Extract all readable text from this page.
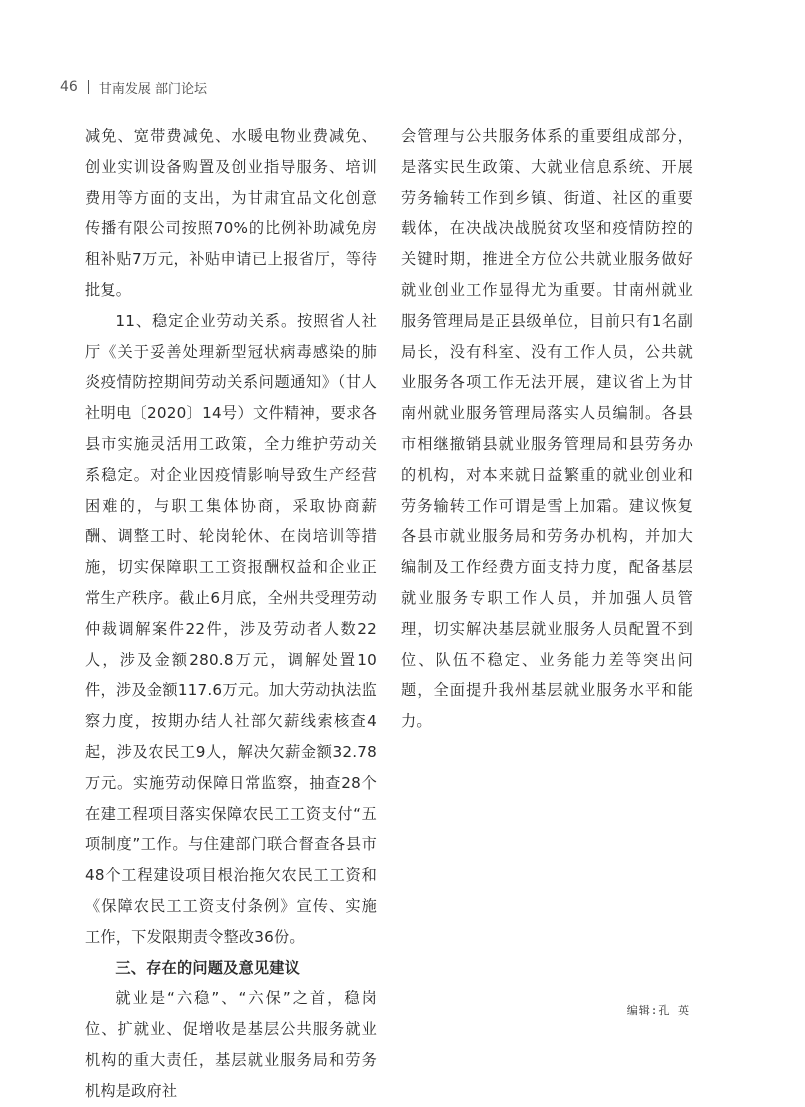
46 甘南发展 部门论坛

减免、宽带费减免、水暖电物业费减免、创业实训设备购置及创业指导服务、培训费用等方面的支出，为甘肃宜品文化创意传播有限公司按照70%的比例补助减免房租补贴7万元，补贴申请已上报省厅，等待批复。

11、稳定企业劳动关系。按照省人社厅《关于妥善处理新型冠状病毒感染的肺炎疫情防控期间劳动关系问题通知》（甘人社明电〔2020〕14号）文件精神，要求各县市实施灵活用工政策，全力维护劳动关系稳定。对企业因疫情影响导致生产经营困难的，与职工集体协商，采取协商薪酬、调整工时、轮岗轮休、在岗培训等措施，切实保障职工工资报酬权益和企业正常生产秩序。截止6月底，全州共受理劳动仲裁调解案件22件，涉及劳动者人数22人，涉及金额280.8万元，调解处置10件，涉及金额117.6万元。加大劳动执法监察力度，按期办结人社部欠薪线索核查4起，涉及农民工9人，解决欠薪金额32.78万元。实施劳动保障日常监察，抽查28个在建工程项目落实保障农民工工资支付“五项制度”工作。与住建部门联合督查各县市48个工程建设项目根治拖欠农民工工资和《保障农民工工资支付条例》宣传、实施工作，下发限期责令整改36份。

三、存在的问题及意见建议

就业是“六稳”、“六保”之首，稳岗位、扩就业、促增收是基层公共服务就业机构的重大责任，基层就业服务局和劳务机构是政府社

会管理与公共服务体系的重要组成部分，是落实民生政策、大就业信息系统、开展劳务输转工作到乡镇、街道、社区的重要载体，在决战决战脱贫攻坚和疫情防控的关键时期，推进全方位公共就业服务做好就业创业工作显得尤为重要。甘南州就业服务管理局是正县级单位，目前只有1名副局长，没有科室、没有工作人员，公共就业服务各项工作无法开展，建议省上为甘南州就业服务管理局落实人员编制。各县市相继撤销县就业服务管理局和县劳务办的机构，对本来就日益繁重的就业创业和劳务输转工作可谓是雪上加霜。建议恢复各县市就业服务局和劳务办机构，并加大编制及工作经费方面支持力度，配备基层就业服务专职工作人员，并加强人员管理，切实解决基层就业服务人员配置不到位、队伍不稳定、业务能力差等突出问题，全面提升我州基层就业服务水平和能力。

编辑:孔 英
